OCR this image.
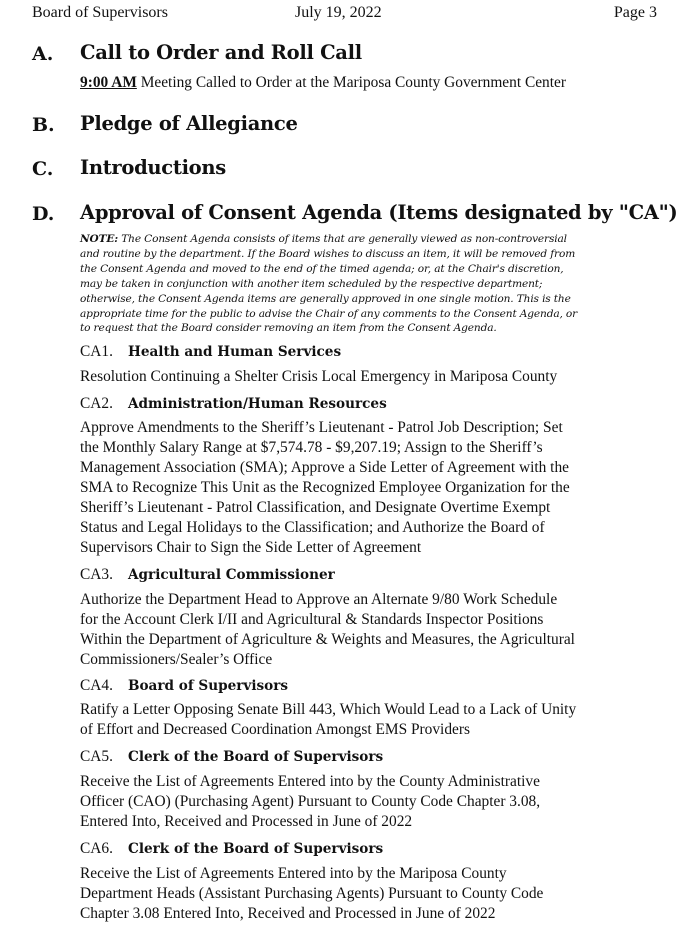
Board of Supervisors	July 19, 2022	Page 3
A. Call to Order and Roll Call
9:00 AM Meeting Called to Order at the Mariposa County Government Center
B. Pledge of Allegiance
C. Introductions
D. Approval of Consent Agenda (Items designated by "CA")
NOTE: The Consent Agenda consists of items that are generally viewed as non-controversial
and routine by the department. If the Board wishes to discuss an item, it will be removed from
the Consent Agenda and moved to the end of the timed agenda; or, at the Chair's discretion,
may be taken in conjunction with another item scheduled by the respective department;
otherwise, the Consent Agenda items are generally approved in one single motion. This is the
appropriate time for the public to advise the Chair of any comments to the Consent Agenda, or
to request that the Board consider removing an item from the Consent Agenda.
CA1. Health and Human Services
Resolution Continuing a Shelter Crisis Local Emergency in Mariposa County
CA2. Administration/Human Resources
Approve Amendments to the Sheriff’s Lieutenant - Patrol Job Description; Set
the Monthly Salary Range at $7,574.78 - $9,207.19; Assign to the Sheriff’s
Management Association (SMA); Approve a Side Letter of Agreement with the
SMA to Recognize This Unit as the Recognized Employee Organization for the
Sheriff’s Lieutenant - Patrol Classification, and Designate Overtime Exempt
Status and Legal Holidays to the Classification; and Authorize the Board of
Supervisors Chair to Sign the Side Letter of Agreement
CA3. Agricultural Commissioner
Authorize the Department Head to Approve an Alternate 9/80 Work Schedule
for the Account Clerk I/II and Agricultural & Standards Inspector Positions
Within the Department of Agriculture & Weights and Measures, the Agricultural
Commissioners/Sealer’s Office
CA4. Board of Supervisors
Ratify a Letter Opposing Senate Bill 443, Which Would Lead to a Lack of Unity
of Effort and Decreased Coordination Amongst EMS Providers
CA5. Clerk of the Board of Supervisors
Receive the List of Agreements Entered into by the County Administrative
Officer (CAO) (Purchasing Agent) Pursuant to County Code Chapter 3.08,
Entered Into, Received and Processed in June of 2022
CA6. Clerk of the Board of Supervisors
Receive the List of Agreements Entered into by the Mariposa County
Department Heads (Assistant Purchasing Agents) Pursuant to County Code
Chapter 3.08 Entered Into, Received and Processed in June of 2022
